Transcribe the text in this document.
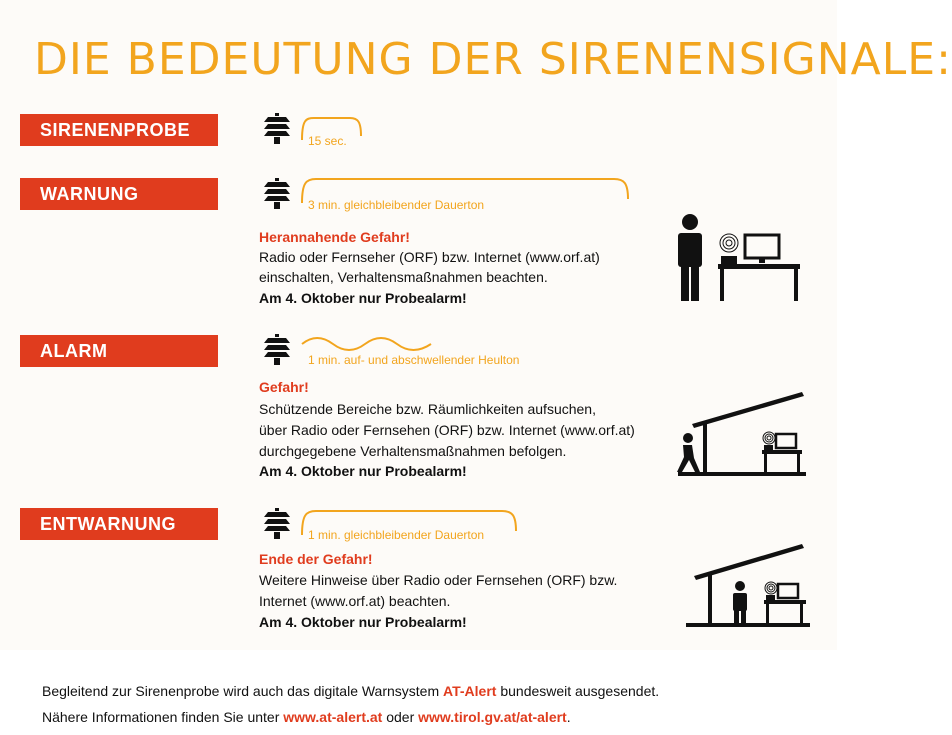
DIE BEDEUTUNG DER SIRENENSIGNALE:
SIRENENPROBE
15 sec.
WARNUNG
3 min. gleichbleibender Dauerton
Herannahende Gefahr!
Radio oder Fernseher (ORF) bzw. Internet (www.orf.at)
einschalten, Verhaltensmaßnahmen beachten.
Am 4. Oktober nur Probealarm!
ALARM	1 min. auf- und abschwellender Heulton
Gefahr!
Schützende Bereiche bzw. Räumlichkeiten aufsuchen,
über Radio oder Fernsehen (ORF) bzw. Internet (www.orf.at)
durchgegebene Verhaltensmaßnahmen befolgen.
Am 4. Oktober nur Probealarm!
ENTWARNUNG
1 min. gleichbleibender Dauerton
Ende der Gefahr!
Weitere Hinweise über Radio oder Fernsehen (ORF) bzw.
Internet (www.orf.at) beachten.
Am 4. Oktober nur Probealarm!
Begleitend zur Sirenenprobe wird auch das digitale Warnsystem AT-Alert bundesweit ausgesendet.
Nähere Informationen finden Sie unter www.at-alert.at oder www.tirol.gv.at/at-alert.
